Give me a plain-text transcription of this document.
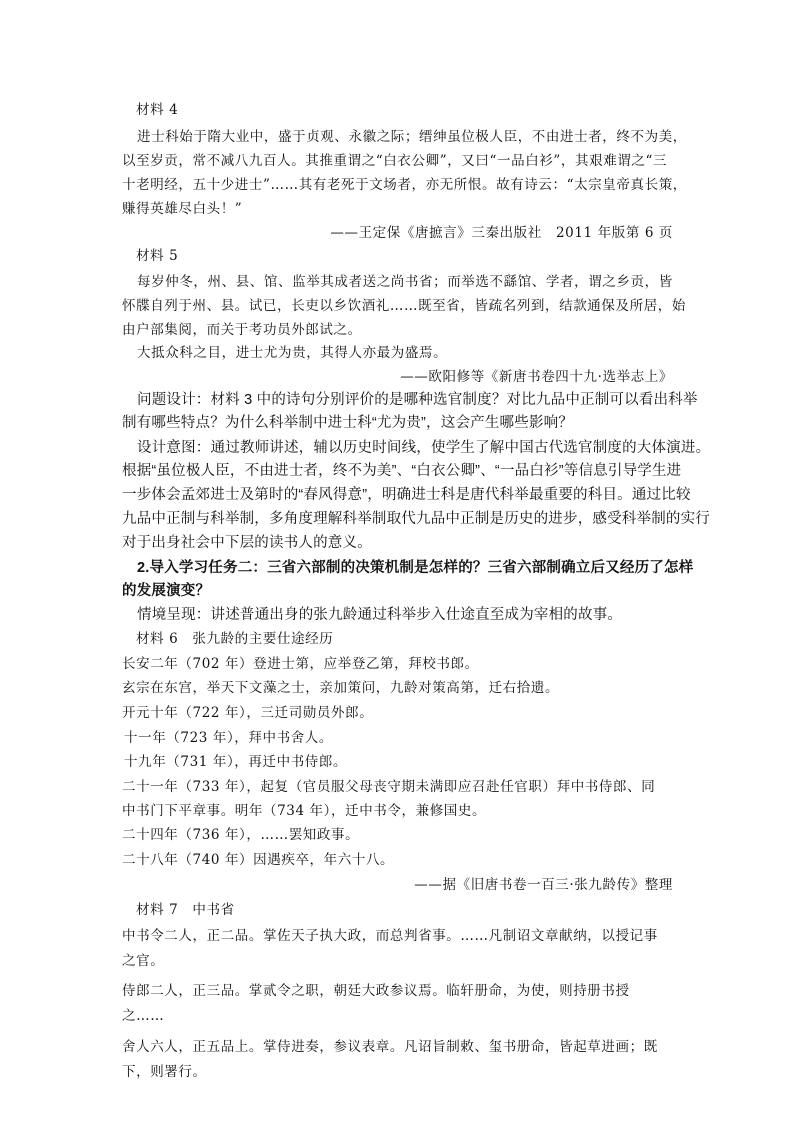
材料 4
进士科始于隋大业中，盛于贞观、永徽之际；缙绅虽位极人臣，不由进士者，终不为美，
以至岁贡，常不减八九百人。其推重谓之“白衣公卿”，又曰“一品白衫”，其艰难谓之“三
十老明经，五十少进士”……其有老死于文场者，亦无所恨。故有诗云：“太宗皇帝真长策，
赚得英雄尽白头！”
——王定保《唐摭言》三秦出版社　2011 年版第 6 页
材料 5
每岁仲冬，州、县、馆、监举其成者送之尚书省；而举选不繇馆、学者，谓之乡贡，皆
怀牒自列于州、县。试已，长吏以乡饮酒礼……既至省，皆疏名列到，结款通保及所居，始
由户部集阅，而关于考功员外郎试之。
大抵众科之目，进士尤为贵，其得人亦最为盛焉。
——欧阳修等《新唐书卷四十九·选举志上》
问题设计：材料 3 中的诗句分别评价的是哪种选官制度？对比九品中正制可以看出科举
制有哪些特点？为什么科举制中进士科“尤为贵”，这会产生哪些影响？
设计意图：通过教师讲述，辅以历史时间线，使学生了解中国古代选官制度的大体演进。
根据“虽位极人臣，不由进士者，终不为美”、“白衣公卿”、“一品白衫”等信息引导学生进
一步体会孟郊进士及第时的“春风得意”，明确进士科是唐代科举最重要的科目。通过比较
九品中正制与科举制，多角度理解科举制取代九品中正制是历史的进步，感受科举制的实行
对于出身社会中下层的读书人的意义。
2.导入学习任务二：三省六部制的决策机制是怎样的？三省六部制确立后又经历了怎样
的发展演变？
情境呈现：讲述普通出身的张九龄通过科举步入仕途直至成为宰相的故事。
材料 6　张九龄的主要仕途经历
长安二年（702 年）登进士第，应举登乙第，拜校书郎。
玄宗在东宫，举天下文藻之士，亲加策问，九龄对策高第，迁右拾遗。
开元十年（722 年），三迁司勋员外郎。
十一年（723 年），拜中书舍人。
十九年（731 年），再迁中书侍郎。
二十一年（733 年），起复（官员服父母丧守期未满即应召赴任官职）拜中书侍郎、同
中书门下平章事。明年（734 年），迁中书令，兼修国史。
二十四年（736 年），……罢知政事。
二十八年（740 年）因遇疾卒，年六十八。
——据《旧唐书卷一百三·张九龄传》整理
材料 7　中书省
中书令二人，正二品。掌佐天子执大政，而总判省事。……凡制诏文章献纳，以授记事
之官。
侍郎二人，正三品。掌贰令之职，朝廷大政参议焉。临轩册命，为使，则持册书授
之……
舍人六人，正五品上。掌侍进奏，参议表章。凡诏旨制敕、玺书册命，皆起草进画；既
下，则署行。
